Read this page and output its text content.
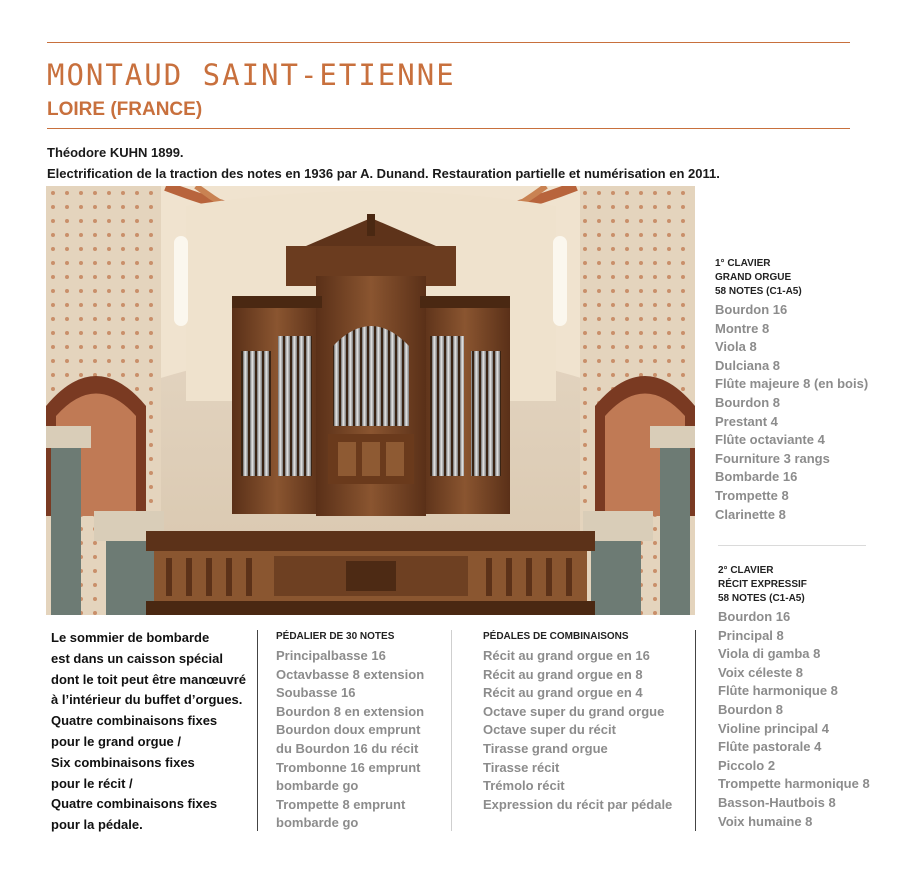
MONTAUD SAINT-ETIENNE
LOIRE (FRANCE)
Théodore KUHN 1899.
Electrification de la traction des notes en 1936 par A. Dunand. Restauration partielle et numérisation en 2011.
1° CLAVIER
GRAND ORGUE
58 NOTES (C1-A5)
Bourdon 16
Montre 8
Viola 8
Dulciana 8
Flûte majeure 8 (en bois)
Bourdon 8
Prestant 4
Flûte octaviante 4
Fourniture 3 rangs
Bombarde 16
Trompette 8
Clarinette 8
2° CLAVIER
RÉCIT EXPRESSIF
58 NOTES (C1-A5)
Bourdon 16
Principal 8
Viola di gamba 8
Voix céleste 8
Flûte harmonique 8
Bourdon 8
Violine principal 4
Flûte pastorale 4
Piccolo 2
Trompette harmonique 8
Basson-Hautbois 8
Voix humaine 8
Le sommier de bombarde
est dans un caisson spécial
dont le toit peut être manœuvré
à l’intérieur du buffet d’orgues.
Quatre combinaisons fixes
pour le grand orgue /
Six combinaisons fixes
pour le récit /
Quatre combinaisons fixes
pour la pédale.
PÉDALIER DE 30 NOTES
Principalbasse 16
Octavbasse 8 extension
Soubasse 16
Bourdon 8 en extension
Bourdon doux emprunt
du Bourdon 16 du récit
Trombonne 16 emprunt
bombarde go
Trompette 8 emprunt
bombarde go
PÉDALES DE COMBINAISONS
Récit au grand orgue en 16
Récit au grand orgue en 8
Récit au grand orgue en 4
Octave super du grand orgue
Octave super du récit
Tirasse grand orgue
Tirasse récit
Trémolo récit
Expression du récit par pédale
